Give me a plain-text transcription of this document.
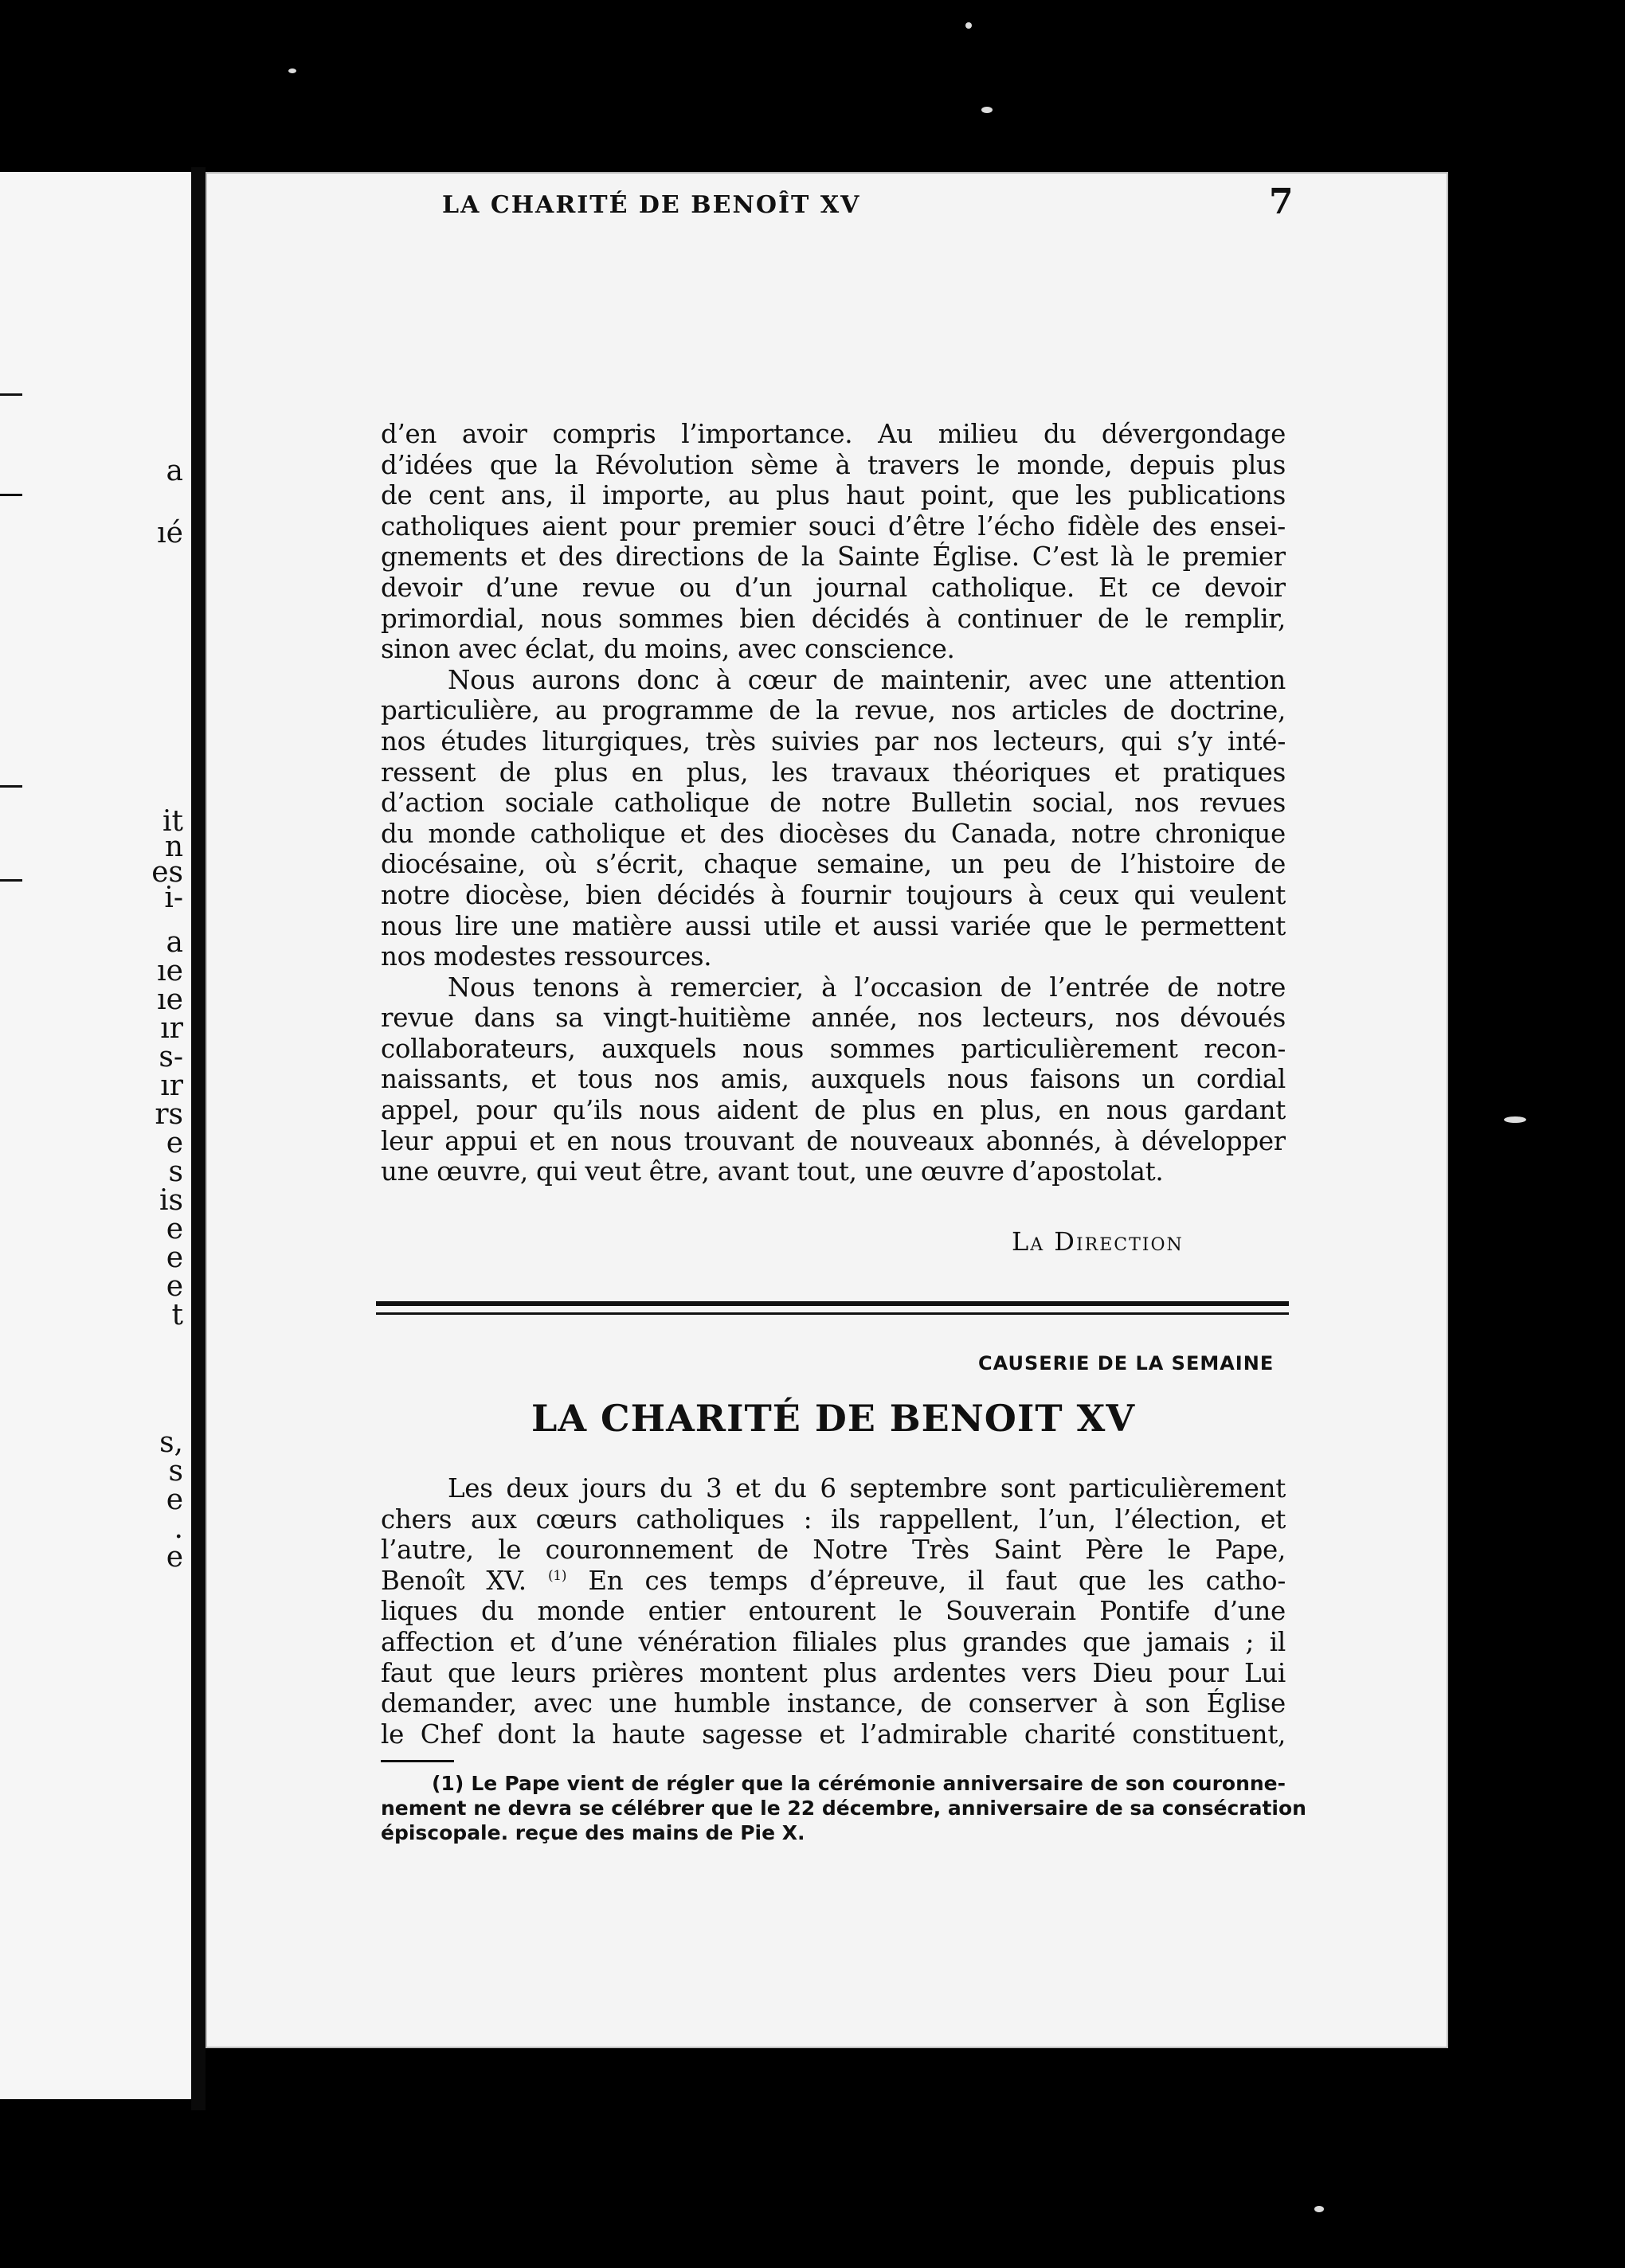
a
ıé
it
n
es
i-
a
ıe
ıe
ır
s-
ır
rs
e
s
is
e
e
e
t
s,
s
e
.
e
LA CHARITÉ DE BENOÎT XV	7

d’en avoir compris l’importance. Au milieu du dévergondage
d’idées que la Révolution sème à travers le monde, depuis plus
de cent ans, il importe, au plus haut point, que les publications
catholiques aient pour premier souci d’être l’écho fidèle des ensei-
gnements et des directions de la Sainte Église. C’est là le premier
devoir d’une revue ou d’un journal catholique. Et ce devoir
primordial, nous sommes bien décidés à continuer de le remplir,
sinon avec éclat, du moins, avec conscience.

Nous aurons donc à cœur de maintenir, avec une attention
particulière, au programme de la revue, nos articles de doctrine,
nos études liturgiques, très suivies par nos lecteurs, qui s’y inté-
ressent de plus en plus, les travaux théoriques et pratiques
d’action sociale catholique de notre Bulletin social, nos revues
du monde catholique et des diocèses du Canada, notre chronique
diocésaine, où s’écrit, chaque semaine, un peu de l’histoire de
notre diocèse, bien décidés à fournir toujours à ceux qui veulent
nous lire une matière aussi utile et aussi variée que le permettent
nos modestes ressources.

Nous tenons à remercier, à l’occasion de l’entrée de notre
revue dans sa vingt-huitième année, nos lecteurs, nos dévoués
collaborateurs, auxquels nous sommes particulièrement recon-
naissants, et tous nos amis, auxquels nous faisons un cordial
appel, pour qu’ils nous aident de plus en plus, en nous gardant
leur appui et en nous trouvant de nouveaux abonnés, à développer
une œuvre, qui veut être, avant tout, une œuvre d’apostolat.

La Direction
CAUSERIE DE LA SEMAINE
LA CHARITÉ DE BENOIT XV

Les deux jours du 3 et du 6 septembre sont particulièrement
chers aux cœurs catholiques : ils rappellent, l’un, l’élection, et
l’autre, le couronnement de Notre Très Saint Père le Pape,
Benoît XV. $^{(1)}$ En ces temps d’épreuve, il faut que les catho-
liques du monde entier entourent le Souverain Pontife d’une
affection et d’une vénération filiales plus grandes que jamais ; il
faut que leurs prières montent plus ardentes vers Dieu pour Lui
demander, avec une humble instance, de conserver à son Église
le Chef dont la haute sagesse et l’admirable charité constituent,

(1) Le Pape vient de régler que la cérémonie anniversaire de son couronne-
nement ne devra se célébrer que le 22 décembre, anniversaire de sa consécration
épiscopale. reçue des mains de Pie X.
